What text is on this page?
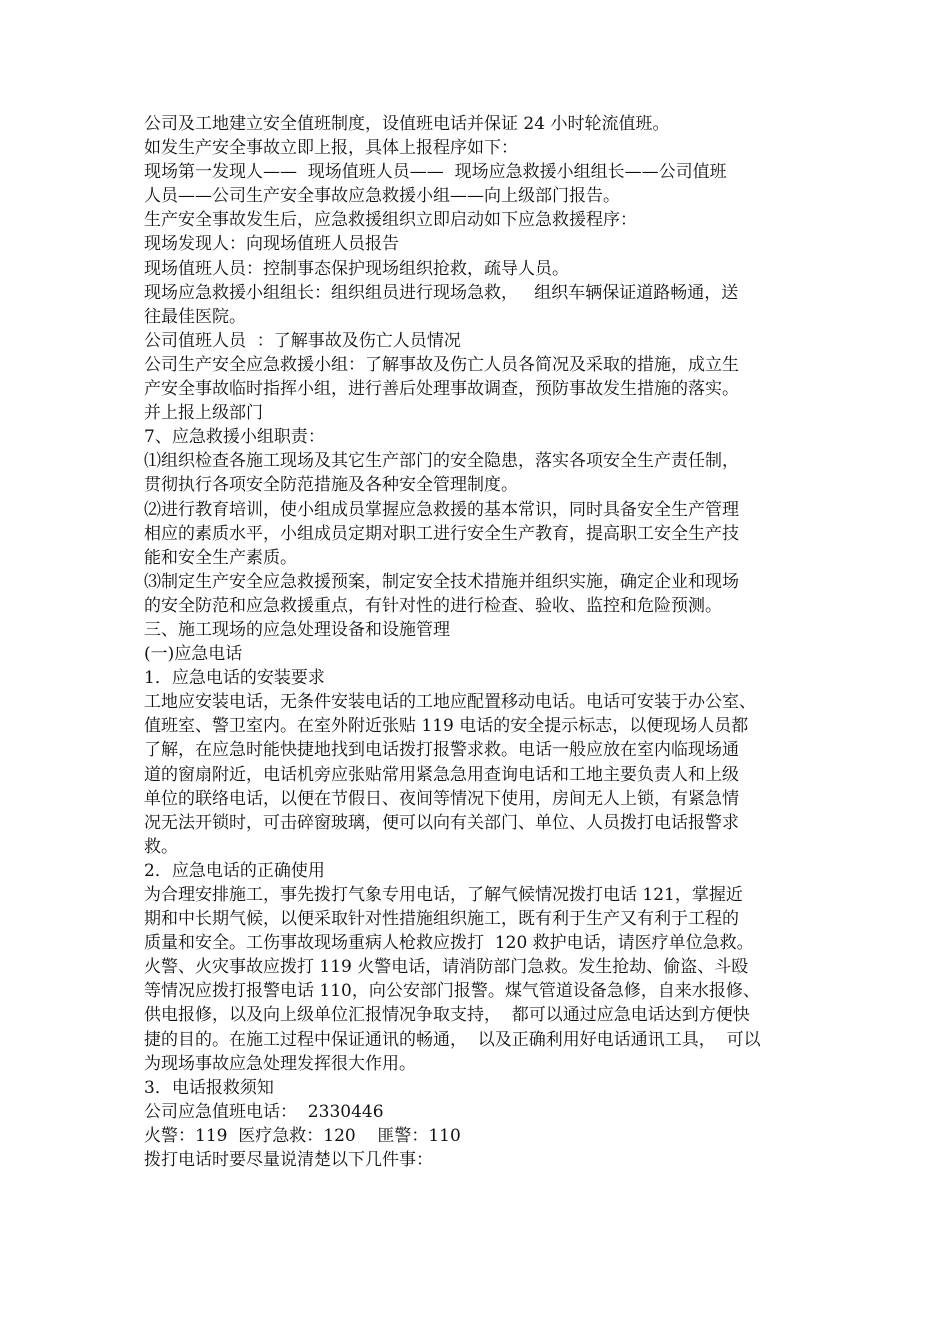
公司及工地建立安全值班制度，设值班电话并保证 24 小时轮流值班。
如发生产安全事故立即上报，具体上报程序如下：
现场第一发现人——  现场值班人员——  现场应急救援小组组长——公司值班
人员——公司生产安全事故应急救援小组——向上级部门报告。
生产安全事故发生后，应急救援组织立即启动如下应急救援程序：
现场发现人：向现场值班人员报告
现场值班人员：控制事态保护现场组织抢救，疏导人员。
现场应急救援小组组长：组织组员进行现场急救，   组织车辆保证道路畅通，送
往最佳医院。
公司值班人员  ：了解事故及伤亡人员情况
公司生产安全应急救援小组：了解事故及伤亡人员各简况及采取的措施，成立生
产安全事故临时指挥小组，进行善后处理事故调查，预防事故发生措施的落实。
并上报上级部门
7、应急救援小组职责：
⑴组织检查各施工现场及其它生产部门的安全隐患，落实各项安全生产责任制，
贯彻执行各项安全防范措施及各种安全管理制度。
⑵进行教育培训，使小组成员掌握应急救援的基本常识，同时具备安全生产管理
相应的素质水平，小组成员定期对职工进行安全生产教育，提高职工安全生产技
能和安全生产素质。
⑶制定生产安全应急救援预案，制定安全技术措施并组织实施，确定企业和现场
的安全防范和应急救援重点，有针对性的进行检查、验收、监控和危险预测。
三、施工现场的应急处理设备和设施管理
(一)应急电话
1．应急电话的安装要求
工地应安装电话，无条件安装电话的工地应配置移动电话。电话可安装于办公室、
值班室、警卫室内。在室外附近张贴 119 电话的安全提示标志，以便现场人员都
了解，在应急时能快捷地找到电话拨打报警求救。电话一般应放在室内临现场通
道的窗扇附近，电话机旁应张贴常用紧急急用查询电话和工地主要负责人和上级
单位的联络电话，以便在节假日、夜间等情况下使用，房间无人上锁，有紧急情
况无法开锁时，可击碎窗玻璃，便可以向有关部门、单位、人员拨打电话报警求
救。
2．应急电话的正确使用
为合理安排施工，事先拨打气象专用电话，了解气候情况拨打电话 121，掌握近
期和中长期气候，以便采取针对性措施组织施工，既有利于生产又有利于工程的
质量和安全。工伤事故现场重病人枪救应拨打  120 救护电话，请医疗单位急救。
火警、火灾事故应拨打 119 火警电话，请消防部门急救。发生抢劫、偷盗、斗殴
等情况应拨打报警电话 110，向公安部门报警。煤气管道设备急修，自来水报修、
供电报修，以及向上级单位汇报情况争取支持，  都可以通过应急电话达到方便快
捷的目的。在施工过程中保证通讯的畅通，  以及正确利用好电话通讯工具，  可以
为现场事故应急处理发挥很大作用。
3．电话报救须知
公司应急值班电话：  2330446
火警：119  医疗急救：120    匪警：110
拨打电话时要尽量说清楚以下几件事：
